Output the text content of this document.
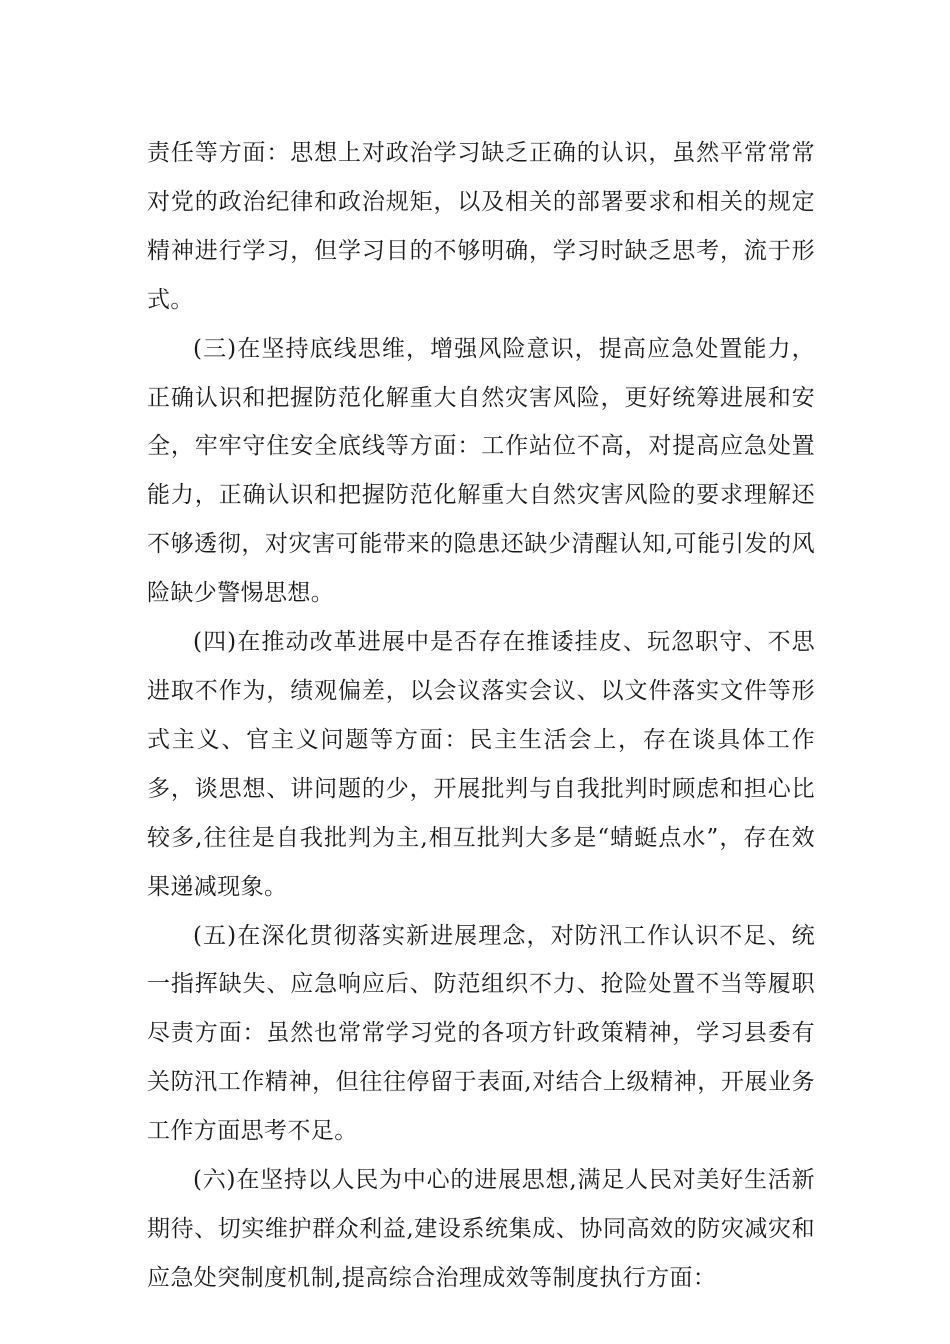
责任等方面：思想上对政治学习缺乏正确的认识，虽然平常常常对党的政治纪律和政治规矩，以及相关的部署要求和相关的规定精神进行学习，但学习目的不够明确，学习时缺乏思考，流于形式。

(三)在坚持底线思维，增强风险意识，提高应急处置能力，正确认识和把握防范化解重大自然灾害风险，更好统筹进展和安全，牢牢守住安全底线等方面：工作站位不高，对提高应急处置能力，正确认识和把握防范化解重大自然灾害风险的要求理解还不够透彻，对灾害可能带来的隐患还缺少清醒认知,可能引发的风险缺少警惕思想。

(四)在推动改革进展中是否存在推诿挂皮、玩忽职守、不思进取不作为，绩观偏差，以会议落实会议、以文件落实文件等形式主义、官主义问题等方面：民主生活会上，存在谈具体工作多，谈思想、讲问题的少，开展批判与自我批判时顾虑和担心比较多,往往是自我批判为主,相互批判大多是“蜻蜓点水”，存在效果递减现象。

(五)在深化贯彻落实新进展理念，对防汛工作认识不足、统一指挥缺失、应急响应后、防范组织不力、抢险处置不当等履职尽责方面：虽然也常常学习党的各项方针政策精神，学习县委有关防汛工作精神，但往往停留于表面,对结合上级精神，开展业务工作方面思考不足。

(六)在坚持以人民为中心的进展思想,满足人民对美好生活新期待、切实维护群众利益,建设系统集成、协同高效的防灾减灾和应急处突制度机制,提高综合治理成效等制度执行方面：
